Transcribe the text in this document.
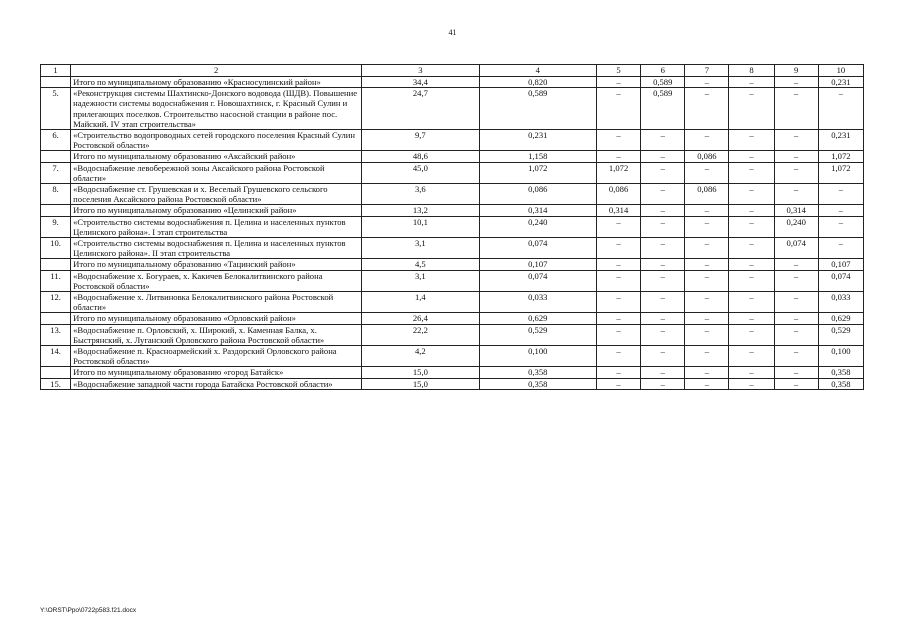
41
1	2	3	4	5	6	7	8	9	10
	Итого по муниципальному образованию «Красносулинский район»	34,4	0,820	–	0,589	–	–	–	0,231
5.	«Реконструкция системы Шахтинско-Донского водовода (ШДВ). Повышение надежности системы водоснабжения г. Новошахтинск, г. Красный Сулин и прилегающих поселков. Строительство насосной станции в районе пос. Майский. IV этап строительства»	24,7	0,589	–	0,589	–	–	–	–
6.	«Строительство водопроводных сетей городского поселения Красный Сулин Ростовской области»	9,7	0,231	–	–	–	–	–	0,231
	Итого по муниципальному образованию «Аксайский район»	48,6	1,158	–	–	0,086	–	–	1,072
7.	«Водоснабжение левобережной зоны Аксайского района Ростовской области»	45,0	1,072	1,072	–	–	–	–	1,072
8.	«Водоснабжение ст. Грушевская и х. Веселый Грушевского сельского поселения Аксайского района Ростовской области»	3,6	0,086	0,086	–	0,086	–	–	–
	Итого по муниципальному образованию «Целинский район»	13,2	0,314	0,314	–	–	–	0,314	–
9.	«Строительство системы водоснабжения п. Целина и населенных пунктов Целинского района». I этап строительства	10,1	0,240	–	–	–	–	0,240	–
10.	«Строительство системы водоснабжения п. Целина и населенных пунктов Целинского района». II этап строительства	3,1	0,074	–	–	–	–	0,074	–
	Итого по муниципальному образованию «Тацинский район»	4,5	0,107	–	–	–	–	–	0,107
11.	«Водоснабжение х. Богураев, х. Какичев Белокалитвинского района Ростовской области»	3,1	0,074	–	–	–	–	–	0,074
12.	«Водоснабжение х. Литвиновка Белокалитвинского района Ростовской области»	1,4	0,033	–	–	–	–	–	0,033
	Итого по муниципальному образованию «Орловский район»	26,4	0,629	–	–	–	–	–	0,629
13.	«Водоснабжение п. Орловский, х. Широкий, х. Каменная Балка, х. Быстрянский, х. Луганский Орловского района Ростовской области»	22,2	0,529	–	–	–	–	–	0,529
14.	«Водоснабжение п. Красноармейский х. Раздорский Орловского района Ростовской области»	4,2	0,100	–	–	–	–	–	0,100
	Итого по муниципальному образованию «город Батайск»	15,0	0,358	–	–	–	–	–	0,358
15.	«Водоснабжение западной части города Батайска Ростовской области»	15,0	0,358	–	–	–	–	–	0,358
Y:\ORST\Ppo\0722p583.f21.docx
